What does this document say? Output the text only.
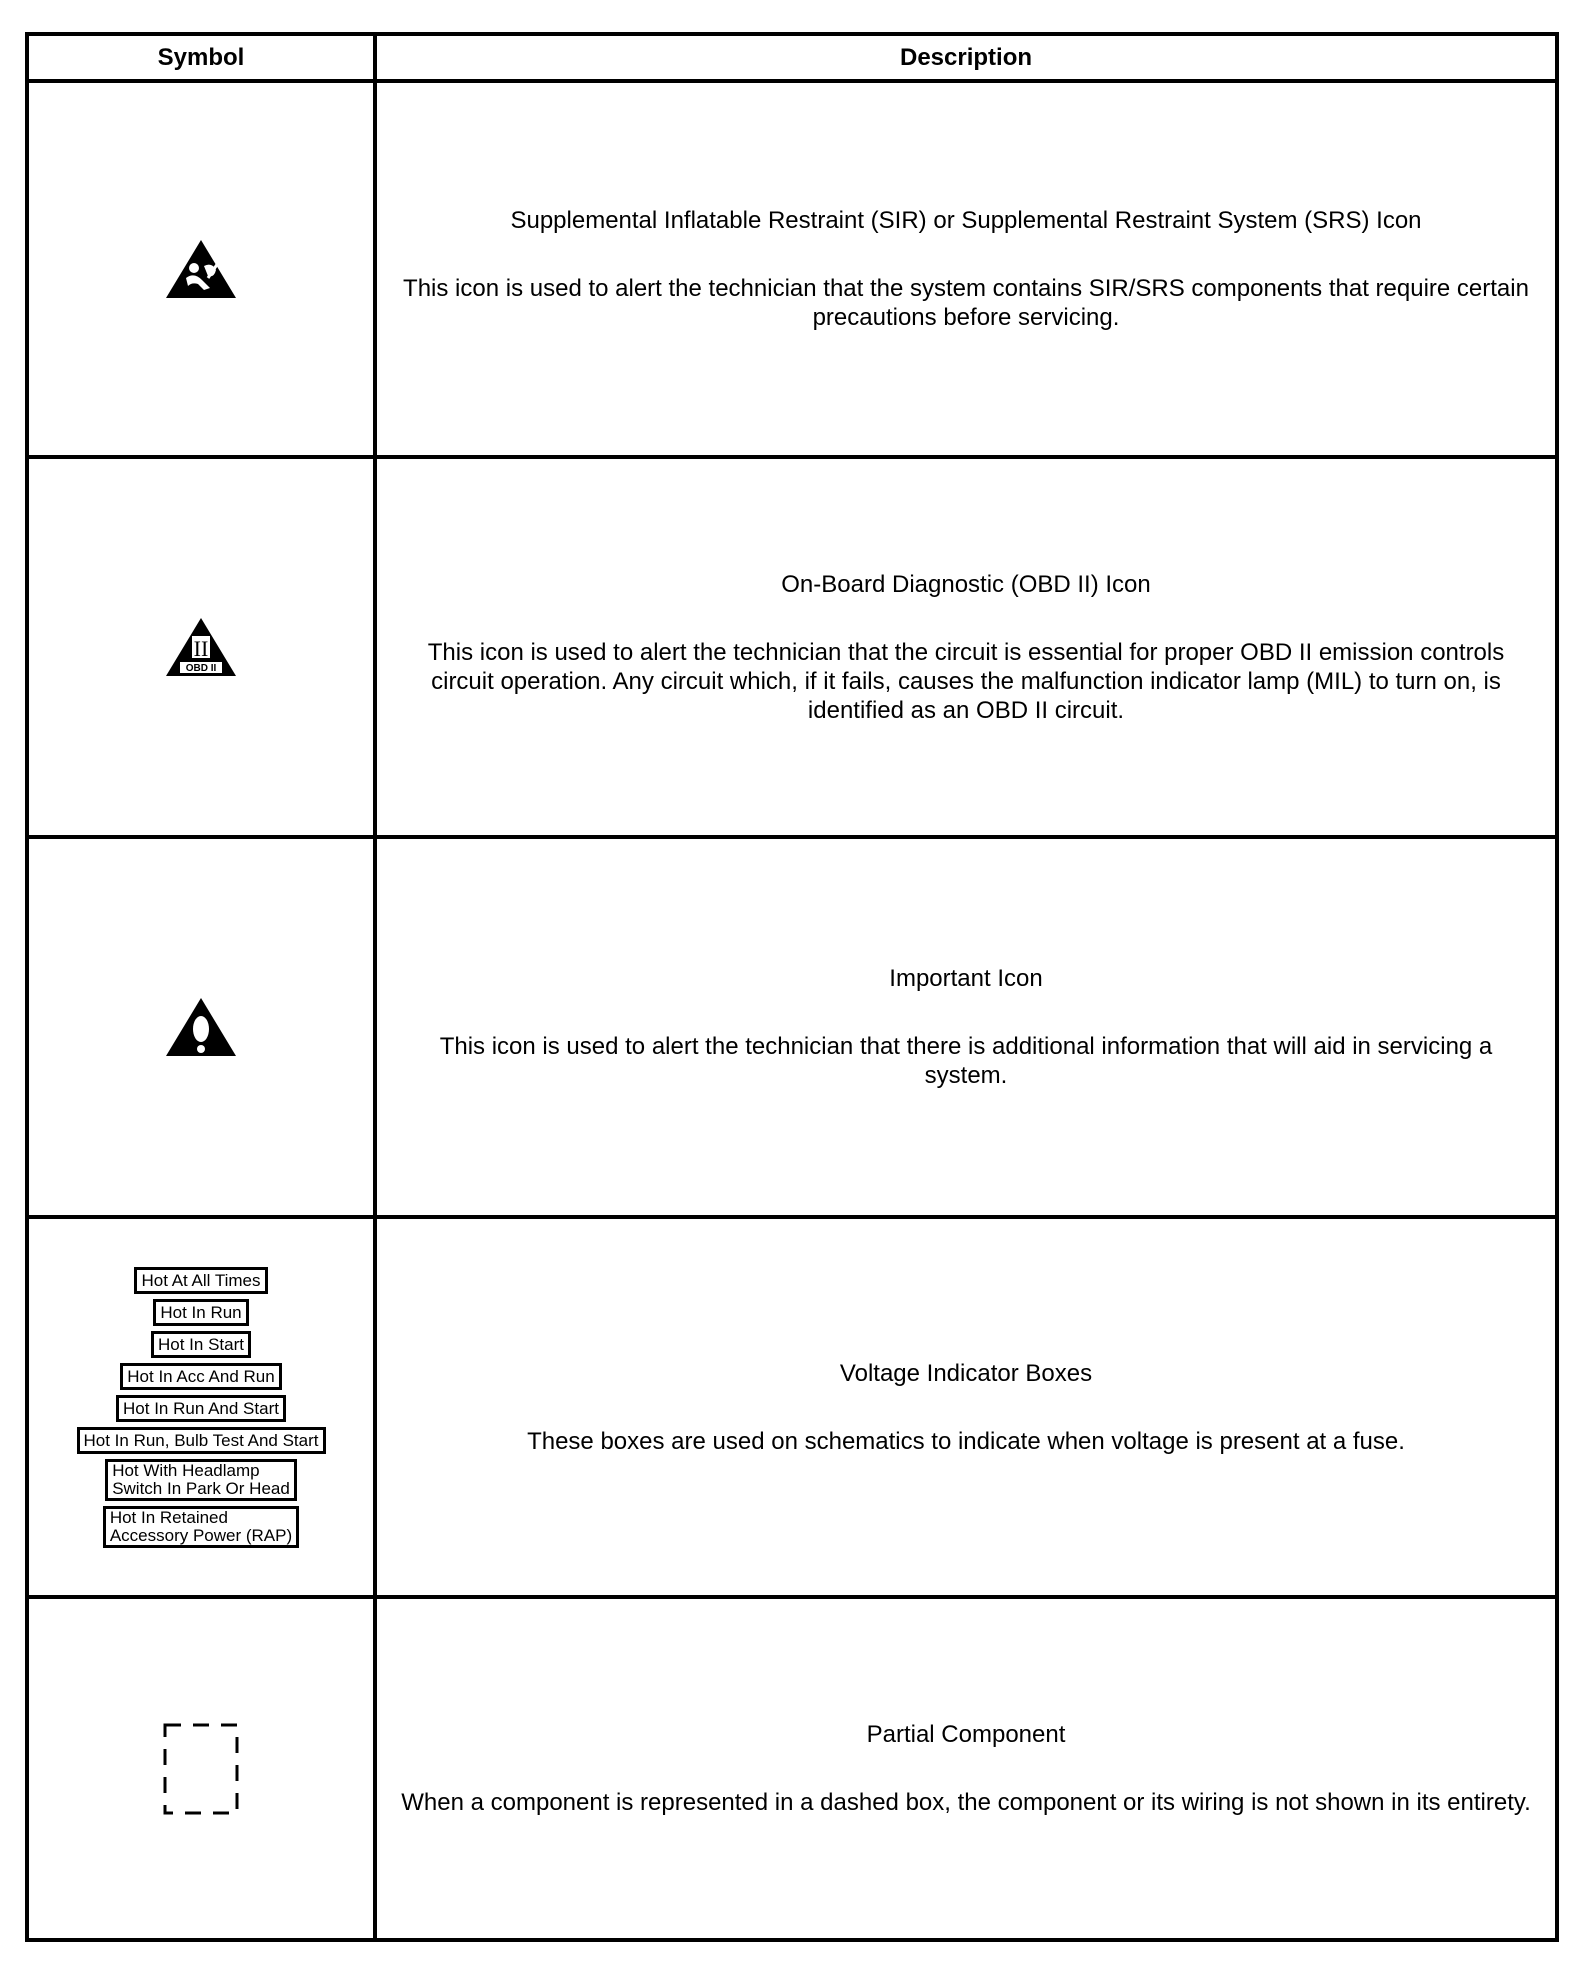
Symbol	Description
Supplemental Inflatable Restraint (SIR) or Supplemental Restraint System (SRS) Icon
This icon is used to alert the technician that the system contains SIR/SRS components that require certain precautions before servicing.
II
OBD II
On-Board Diagnostic (OBD II) Icon
This icon is used to alert the technician that the circuit is essential for proper OBD II emission controls circuit operation. Any circuit which, if it fails, causes the malfunction indicator lamp (MIL) to turn on, is identified as an OBD II circuit.
Important Icon
This icon is used to alert the technician that there is additional information that will aid in servicing a system.
Hot At All Times
Hot In Run
Hot In Start
Hot In Acc And Run
Hot In Run And Start
Hot In Run, Bulb Test And Start
Hot With Headlamp
Switch In Park Or Head
Hot In Retained
Accessory Power (RAP)
Voltage Indicator Boxes
These boxes are used on schematics to indicate when voltage is present at a fuse.
Partial Component
When a component is represented in a dashed box, the component or its wiring is not shown in its entirety.
